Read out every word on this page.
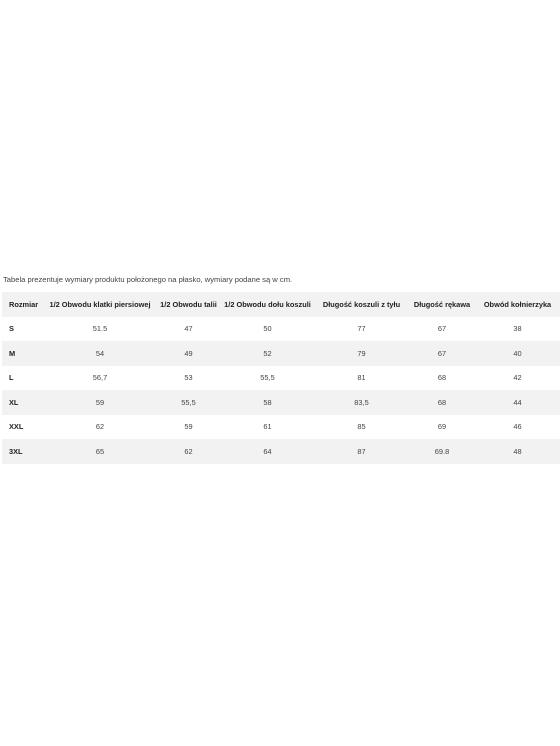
Tabela prezentuje wymiary produktu położonego na płasko, wymiary podane są w cm.

Rozmiar	1/2 Obwodu klatki piersiowej	1/2 Obwodu talii	1/2 Obwodu dołu koszuli	Długość koszuli z tyłu	Długość rękawa	Obwód kołnierzyka
S	51.5	47	50	77	67	38
M	54	49	52	79	67	40
L	56,7	53	55,5	81	68	42
XL	59	55,5	58	83,5	68	44
XXL	62	59	61	85	69	46
3XL	65	62	64	87	69.8	48
